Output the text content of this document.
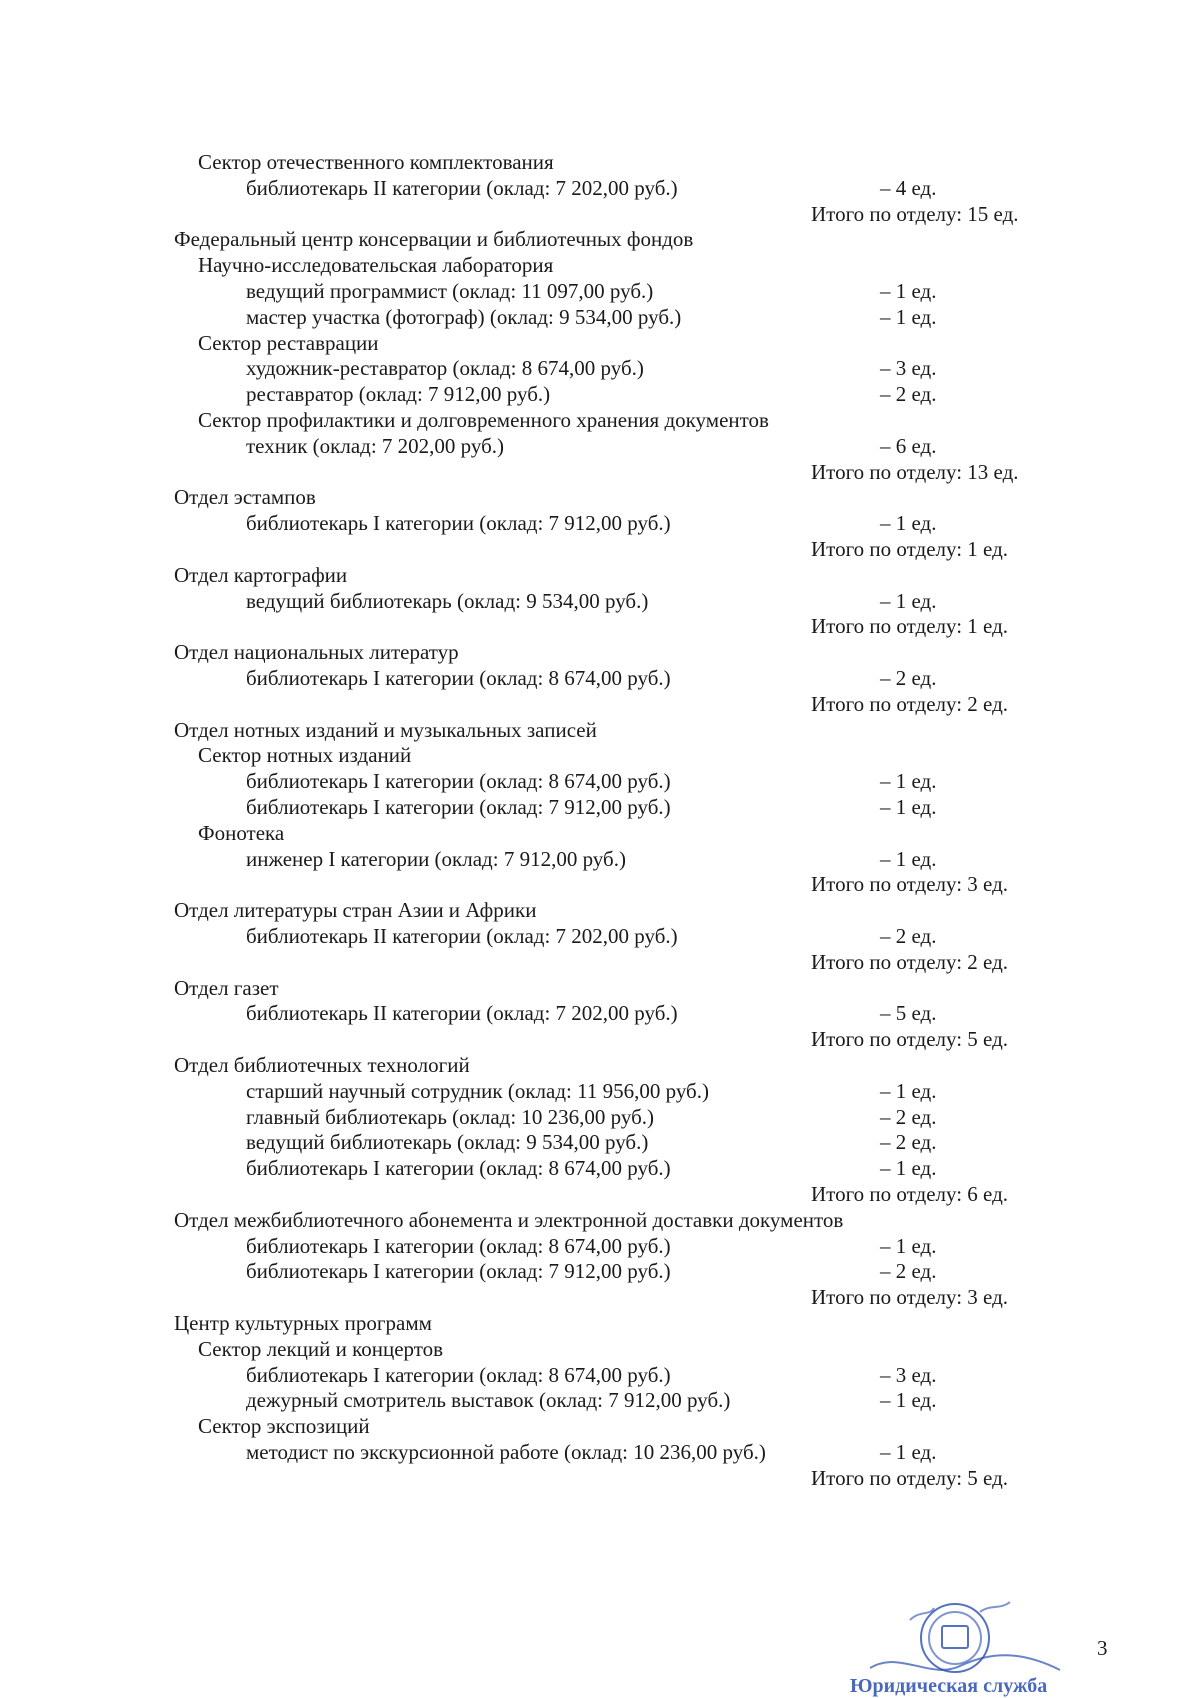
Сектор отечественного комплектования
библиотекарь II категории (оклад: 7 202,00 руб.)	– 4 ед.
Итого по отделу: 15 ед.
Федеральный центр консервации и библиотечных фондов
Научно-исследовательская лаборатория
ведущий программист (оклад: 11 097,00 руб.)	– 1 ед.
мастер участка (фотограф) (оклад: 9 534,00 руб.)	– 1 ед.
Сектор реставрации
художник-реставратор (оклад: 8 674,00 руб.)	– 3 ед.
реставратор (оклад: 7 912,00 руб.)	– 2 ед.
Сектор профилактики и долговременного хранения документов
техник (оклад: 7 202,00 руб.)	– 6 ед.
Итого по отделу: 13 ед.
Отдел эстампов
библиотекарь I категории (оклад: 7 912,00 руб.)	– 1 ед.
Итого по отделу: 1 ед.
Отдел картографии
ведущий библиотекарь (оклад: 9 534,00 руб.)	– 1 ед.
Итого по отделу: 1 ед.
Отдел национальных литератур
библиотекарь I категории (оклад: 8 674,00 руб.)	– 2 ед.
Итого по отделу: 2 ед.
Отдел нотных изданий и музыкальных записей
Сектор нотных изданий
библиотекарь I категории (оклад: 8 674,00 руб.)	– 1 ед.
библиотекарь I категории (оклад: 7 912,00 руб.)	– 1 ед.
Фонотека
инженер I категории (оклад: 7 912,00 руб.)	– 1 ед.
Итого по отделу: 3 ед.
Отдел литературы стран Азии и Африки
библиотекарь II категории (оклад: 7 202,00 руб.)	– 2 ед.
Итого по отделу: 2 ед.
Отдел газет
библиотекарь II категории (оклад: 7 202,00 руб.)	– 5 ед.
Итого по отделу: 5 ед.
Отдел библиотечных технологий
старший научный сотрудник (оклад: 11 956,00 руб.)	– 1 ед.
главный библиотекарь (оклад: 10 236,00 руб.)	– 2 ед.
ведущий библиотекарь (оклад: 9 534,00 руб.)	– 2 ед.
библиотекарь I категории (оклад: 8 674,00 руб.)	– 1 ед.
Итого по отделу: 6 ед.
Отдел межбиблиотечного абонемента и электронной доставки документов
библиотекарь I категории (оклад: 8 674,00 руб.)	– 1 ед.
библиотекарь I категории (оклад: 7 912,00 руб.)	– 2 ед.
Итого по отделу: 3 ед.
Центр культурных программ
Сектор лекций и концертов
библиотекарь I категории (оклад: 8 674,00 руб.)	– 3 ед.
дежурный смотритель выставок (оклад: 7 912,00 руб.)	– 1 ед.
Сектор экспозиций
методист по экскурсионной работе (оклад: 10 236,00 руб.)	– 1 ед.
Итого по отделу: 5 ед.
3
Юридическая служба
